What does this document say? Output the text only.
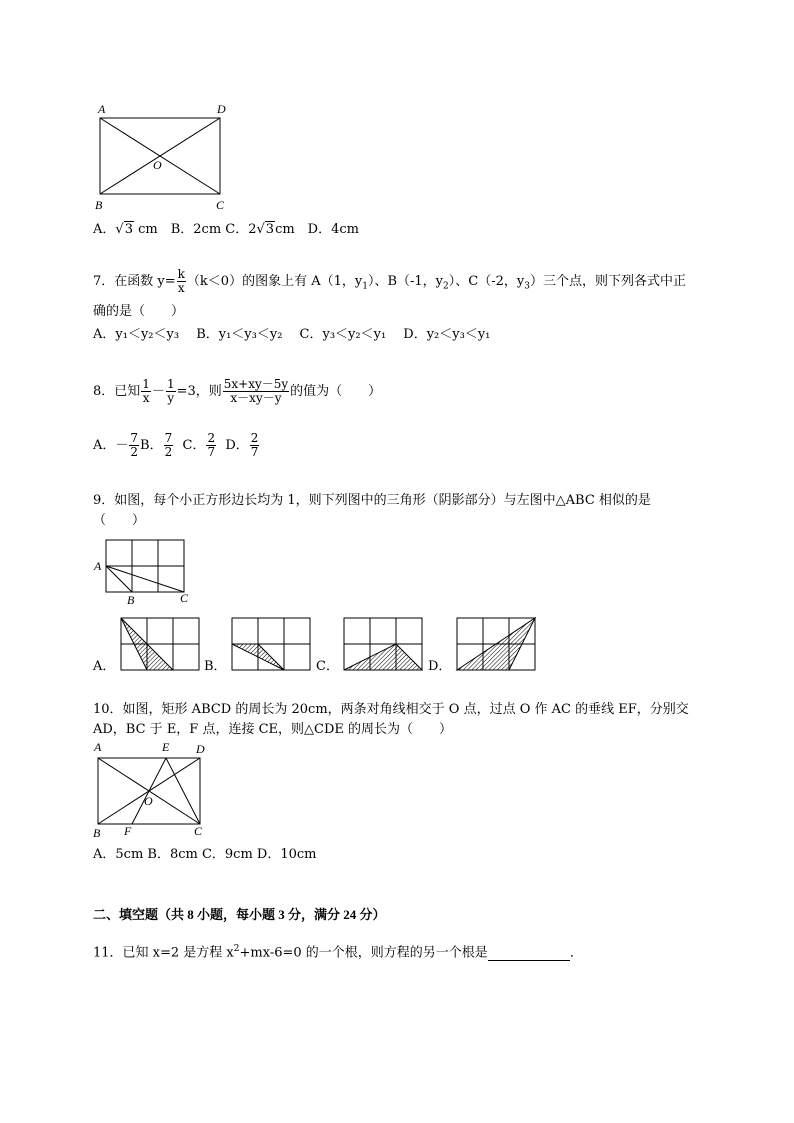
A	D
B	C
O
A．√3 cm　B．2cm C．2√3cm　D．4cm
7．在函数 $y= \frac{k}{x} (k<0)$的图象上有 A（1，$y_1$）、B（-1，$y_2$）、C（-2，$y_3$）三个点，则下列各式中正
确的是（　　）
A．y₁＜y₂＜y₃　 B．y₁＜y₃＜y₂　 C．y₃＜y₂＜y₁　 D．y₂＜y₃＜y₁
8．已知 $\frac{1}{x} - \frac{1}{y} =3$，则 $\frac{5x+xy-5y}{x-xy-y}$ 的值为（　　）
A．－ $\frac{7}{2}$ B． $\frac{7}{2}$ C． $\frac{2}{7}$ D． $\frac{2}{7}$
9．如图，每个小正方形边长均为 1，则下列图中的三角形（阴影部分）与左图中△ABC 相似的是
（　　）
A
B	C
A．	B．	C．	D．
10．如图，矩形 ABCD 的周长为 20cm，两条对角线相交于 O 点，过点 O 作 AC 的垂线 EF，分别交
AD，BC 于 E，F 点，连接 CE，则△CDE 的周长为（　　）
A	E D
O
B F	C
A．5cm B．8cm C．9cm D．10cm
二、填空题（共 8 小题，每小题 3 分，满分 24 分）
11．已知 x=2 是方程 $x^2+mx-6=0$ 的一个根，则方程的另一个根是	．
